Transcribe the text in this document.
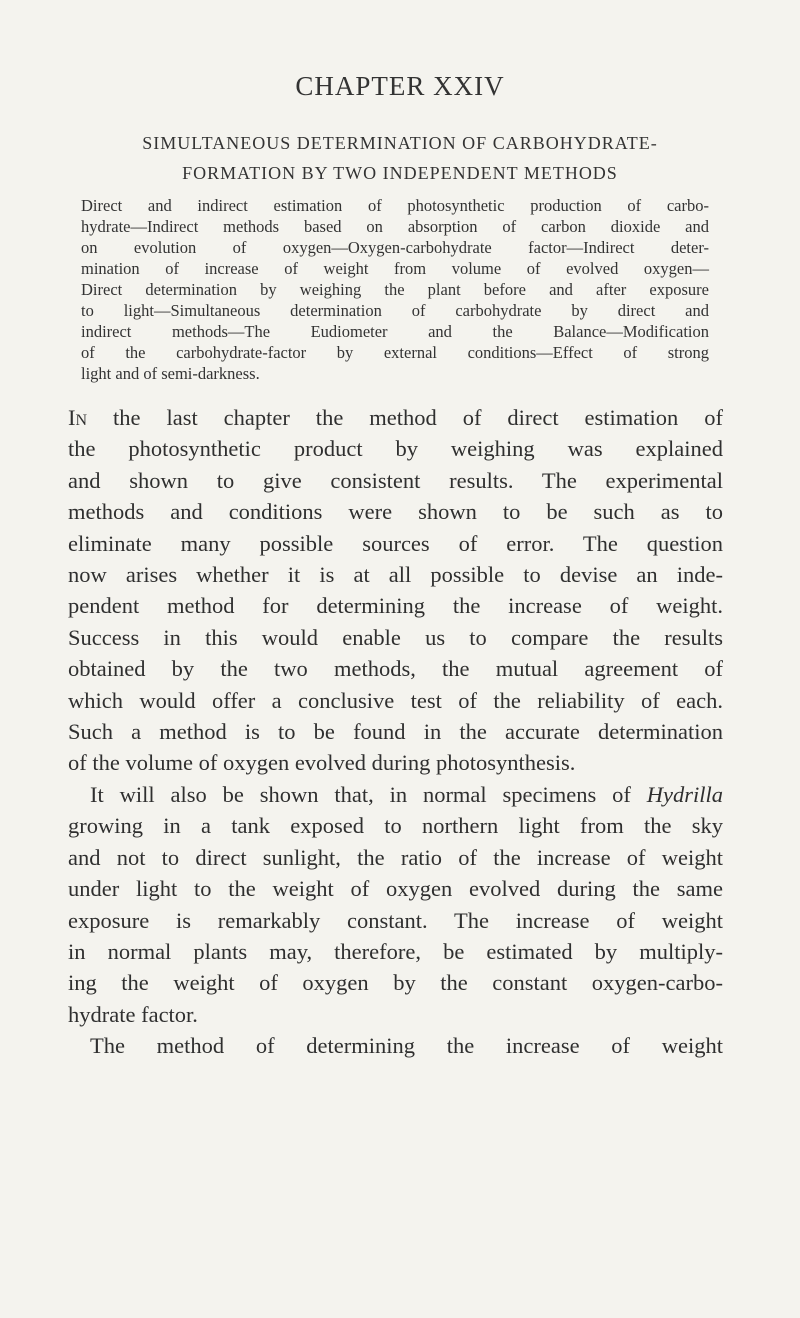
CHAPTER XXIV
SIMULTANEOUS DETERMINATION OF CARBOHYDRATE-
FORMATION BY TWO INDEPENDENT METHODS
Direct and indirect estimation of photosynthetic production of carbo-
hydrate—Indirect methods based on absorption of carbon dioxide and
on evolution of oxygen—Oxygen-carbohydrate factor—Indirect deter-
mination of increase of weight from volume of evolved oxygen—
Direct determination by weighing the plant before and after exposure
to light—Simultaneous determination of carbohydrate by direct and
indirect methods—The Eudiometer and the Balance—Modification
of the carbohydrate-factor by external conditions—Effect of strong
light and of semi-darkness.
In the last chapter the method of direct estimation of
the photosynthetic product by weighing was explained
and shown to give consistent results. The experimental
methods and conditions were shown to be such as to
eliminate many possible sources of error. The question
now arises whether it is at all possible to devise an inde-
pendent method for determining the increase of weight.
Success in this would enable us to compare the results
obtained by the two methods, the mutual agreement of
which would offer a conclusive test of the reliability of each.
Such a method is to be found in the accurate determination
of the volume of oxygen evolved during photosynthesis.
It will also be shown that, in normal specimens of Hydrilla
growing in a tank exposed to northern light from the sky
and not to direct sunlight, the ratio of the increase of weight
under light to the weight of oxygen evolved during the same
exposure is remarkably constant. The increase of weight
in normal plants may, therefore, be estimated by multiply-
ing the weight of oxygen by the constant oxygen-carbo-
hydrate factor.
The method of determining the increase of weight
